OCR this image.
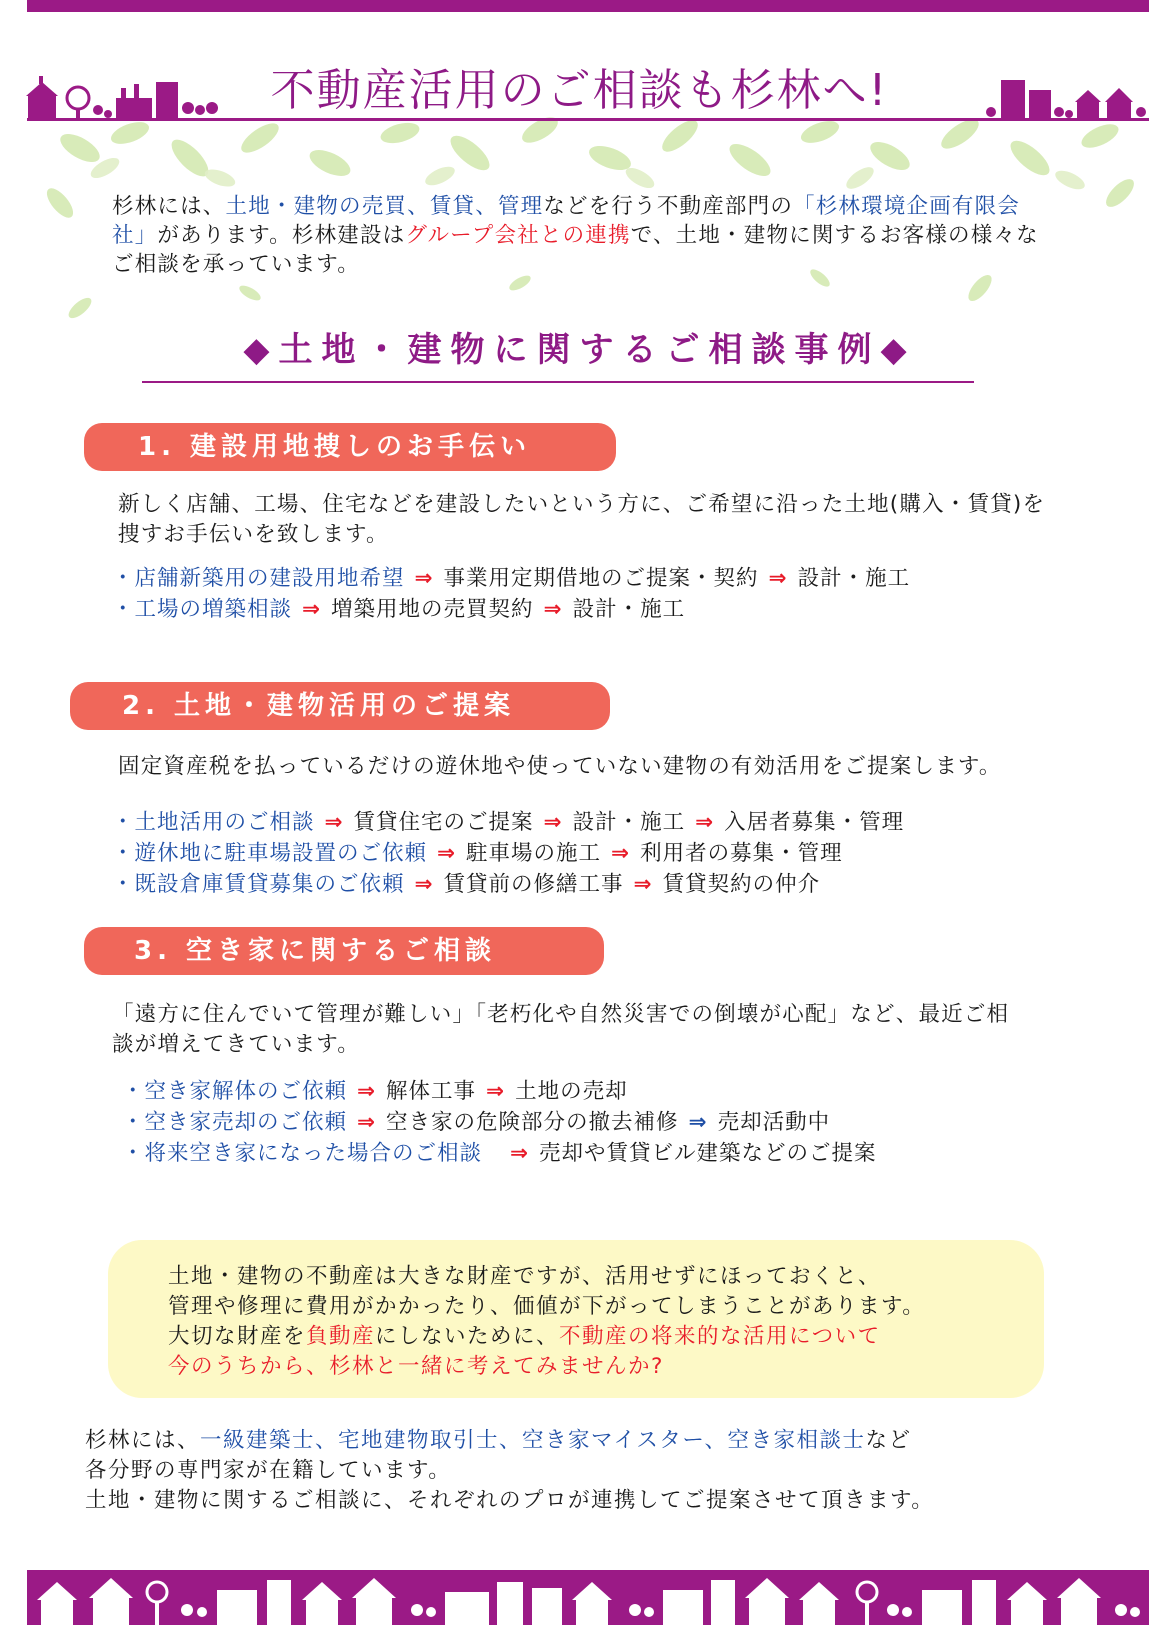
不動産活用のご相談も杉林へ!
杉林には、土地・建物の売買、賃貸、管理などを行う不動産部門の「杉林環境企画有限会社」があります。杉林建設はグループ会社との連携で、土地・建物に関するお客様の様々なご相談を承っています。
◆土地・建物に関するご相談事例◆
1. 建設用地捜しのお手伝い
新しく店舗、工場、住宅などを建設したいという方に、ご希望に沿った土地(購入・賃貸)を捜すお手伝いを致します。
・店舗新築用の建設用地希望 ⇒ 事業用定期借地のご提案・契約 ⇒ 設計・施工
・工場の増築相談 ⇒ 増築用地の売買契約 ⇒ 設計・施工
2. 土地・建物活用のご提案
固定資産税を払っているだけの遊休地や使っていない建物の有効活用をご提案します。
・土地活用のご相談 ⇒ 賃貸住宅のご提案 ⇒ 設計・施工 ⇒ 入居者募集・管理
・遊休地に駐車場設置のご依頼 ⇒ 駐車場の施工 ⇒ 利用者の募集・管理
・既設倉庫賃貸募集のご依頼 ⇒ 賃貸前の修繕工事 ⇒ 賃貸契約の仲介
3. 空き家に関するご相談
「遠方に住んでいて管理が難しい」「老朽化や自然災害での倒壊が心配」など、最近ご相談が増えてきています。
・空き家解体のご依頼 ⇒ 解体工事 ⇒ 土地の売却
・空き家売却のご依頼 ⇒ 空き家の危険部分の撤去補修 ⇒ 売却活動中
・将来空き家になった場合のご相談 ⇒ 売却や賃貸ビル建築などのご提案
土地・建物の不動産は大きな財産ですが、活用せずにほっておくと、
管理や修理に費用がかかったり、価値が下がってしまうことがあります。
大切な財産を負動産にしないために、不動産の将来的な活用について
今のうちから、杉林と一緒に考えてみませんか?
杉林には、一級建築士、宅地建物取引士、空き家マイスター、空き家相談士など
各分野の専門家が在籍しています。
土地・建物に関するご相談に、それぞれのプロが連携してご提案させて頂きます。
